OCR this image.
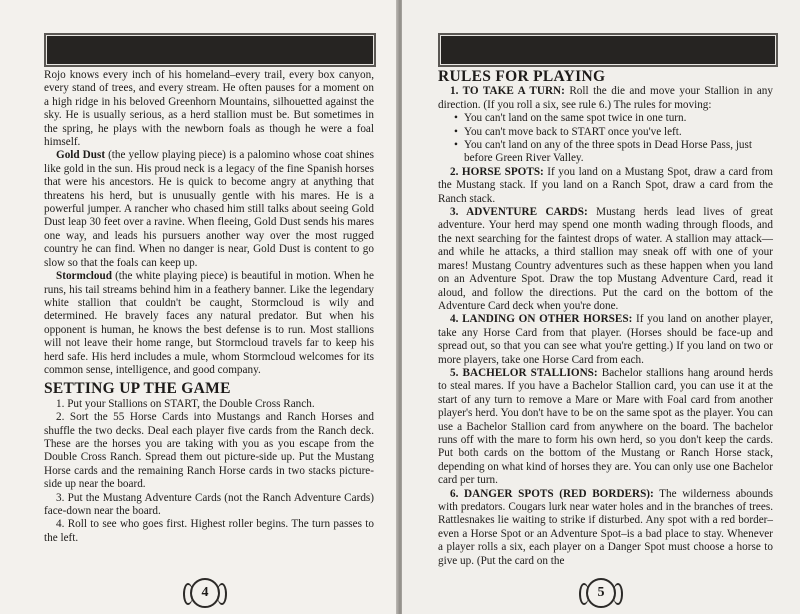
Rojo knows every inch of his homeland–every trail, every box canyon, every stand of trees, and every stream. He often pauses for a moment on a high ridge in his beloved Greenhorn Mountains, silhouetted against the sky. He is usually serious, as a herd stallion must be. But sometimes in the spring, he plays with the newborn foals as though he were a foal himself.

Gold Dust (the yellow playing piece) is a palomino whose coat shines like gold in the sun. His proud neck is a legacy of the fine Spanish horses that were his ancestors. He is quick to become angry at anything that threatens his herd, but is unusually gentle with his mares. He is a powerful jumper. A rancher who chased him still talks about seeing Gold Dust leap 30 feet over a ravine. When fleeing, Gold Dust sends his mares one way, and leads his pursuers another way over the most rugged country he can find. When no danger is near, Gold Dust is content to go slow so that the foals can keep up.

Stormcloud (the white playing piece) is beautiful in motion. When he runs, his tail streams behind him in a feathery banner. Like the legendary white stallion that couldn't be caught, Stormcloud is wily and determined. He bravely faces any natural predator. But when his opponent is human, he knows the best defense is to run. Most stallions will not leave their home range, but Stormcloud travels far to keep his herd safe. His herd includes a mule, whom Stormcloud welcomes for its common sense, intelligence, and good company.

SETTING UP THE GAME

1. Put your Stallions on START, the Double Cross Ranch.

2. Sort the 55 Horse Cards into Mustangs and Ranch Horses and shuffle the two decks. Deal each player five cards from the Ranch deck. These are the horses you are taking with you as you escape from the Double Cross Ranch. Spread them out picture-side up. Put the Mustang Horse cards and the remaining Ranch Horse cards in two stacks picture-side up near the board.

3. Put the Mustang Adventure Cards (not the Ranch Adventure Cards) face-down near the board.

4. Roll to see who goes first. Highest roller begins. The turn passes to the left.

4
RULES FOR PLAYING

1. TO TAKE A TURN: Roll the die and move your Stallion in any direction. (If you roll a six, see rule 6.) The rules for moving:

• You can't land on the same spot twice in one turn.
• You can't move back to START once you've left.
• You can't land on any of the three spots in Dead Horse Pass, just before Green River Valley.

2. HORSE SPOTS: If you land on a Mustang Spot, draw a card from the Mustang stack. If you land on a Ranch Spot, draw a card from the Ranch stack.

3. ADVENTURE CARDS: Mustang herds lead lives of great adventure. Your herd may spend one month wading through floods, and the next searching for the faintest drops of water. A stallion may attack—and while he attacks, a third stallion may sneak off with one of your mares! Mustang Country adventures such as these happen when you land on an Adventure Spot. Draw the top Mustang Adventure Card, read it aloud, and follow the directions. Put the card on the bottom of the Adventure Card deck when you're done.

4. LANDING ON OTHER HORSES: If you land on another player, take any Horse Card from that player. (Horses should be face-up and spread out, so that you can see what you're getting.) If you land on two or more players, take one Horse Card from each.

5. BACHELOR STALLIONS: Bachelor stallions hang around herds to steal mares. If you have a Bachelor Stallion card, you can use it at the start of any turn to remove a Mare or Mare with Foal card from another player's herd. You don't have to be on the same spot as the player. You can use a Bachelor Stallion card from anywhere on the board. The bachelor runs off with the mare to form his own herd, so you don't keep the cards. Put both cards on the bottom of the Mustang or Ranch Horse stack, depending on what kind of horses they are. You can only use one Bachelor card per turn.

6. DANGER SPOTS (RED BORDERS): The wilderness abounds with predators. Cougars lurk near water holes and in the branches of trees. Rattlesnakes lie waiting to strike if disturbed. Any spot with a red border–even a Horse Spot or an Adventure Spot–is a bad place to stay. Whenever a player rolls a six, each player on a Danger Spot must choose a horse to give up. (Put the card on the

5
